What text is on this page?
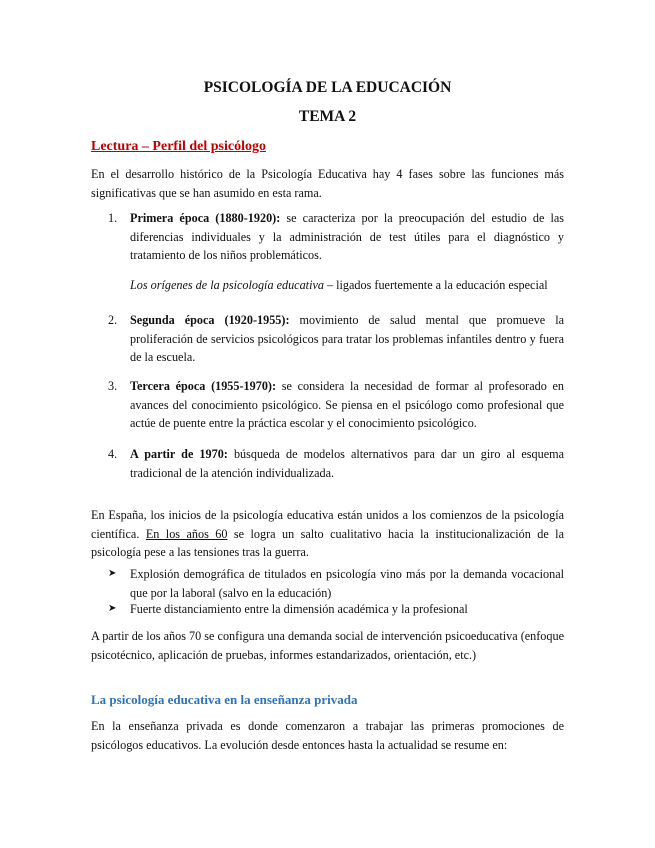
PSICOLOGÍA DE LA EDUCACIÓN
TEMA 2
Lectura – Perfil del psicólogo

En el desarrollo histórico de la Psicología Educativa hay 4 fases sobre las funciones más significativas que se han asumido en esta rama.

1.	Primera época (1880-1920): se caracteriza por la preocupación del estudio de las diferencias individuales y la administración de test útiles para el diagnóstico y tratamiento de los niños problemáticos.
Los orígenes de la psicología educativa – ligados fuertemente a la educación especial
2.	Segunda época (1920-1955): movimiento de salud mental que promueve la proliferación de servicios psicológicos para tratar los problemas infantiles dentro y fuera de la escuela.
3.	Tercera época (1955-1970): se considera la necesidad de formar al profesorado en avances del conocimiento psicológico. Se piensa en el psicólogo como profesional que actúe de puente entre la práctica escolar y el conocimiento psicológico.
4.	A partir de 1970: búsqueda de modelos alternativos para dar un giro al esquema tradicional de la atención individualizada.

En España, los inicios de la psicología educativa están unidos a los comienzos de la psicología científica. En los años 60 se logra un salto cualitativo hacia la institucionalización de la psicología pese a las tensiones tras la guerra.

➤ Explosión demográfica de titulados en psicología vino más por la demanda vocacional que por la laboral (salvo en la educación)
➤ Fuerte distanciamiento entre la dimensión académica y la profesional

A partir de los años 70 se configura una demanda social de intervención psicoeducativa (enfoque psicotécnico, aplicación de pruebas, informes estandarizados, orientación, etc.)

La psicología educativa en la enseñanza privada

En la enseñanza privada es donde comenzaron a trabajar las primeras promociones de psicólogos educativos. La evolución desde entonces hasta la actualidad se resume en:
